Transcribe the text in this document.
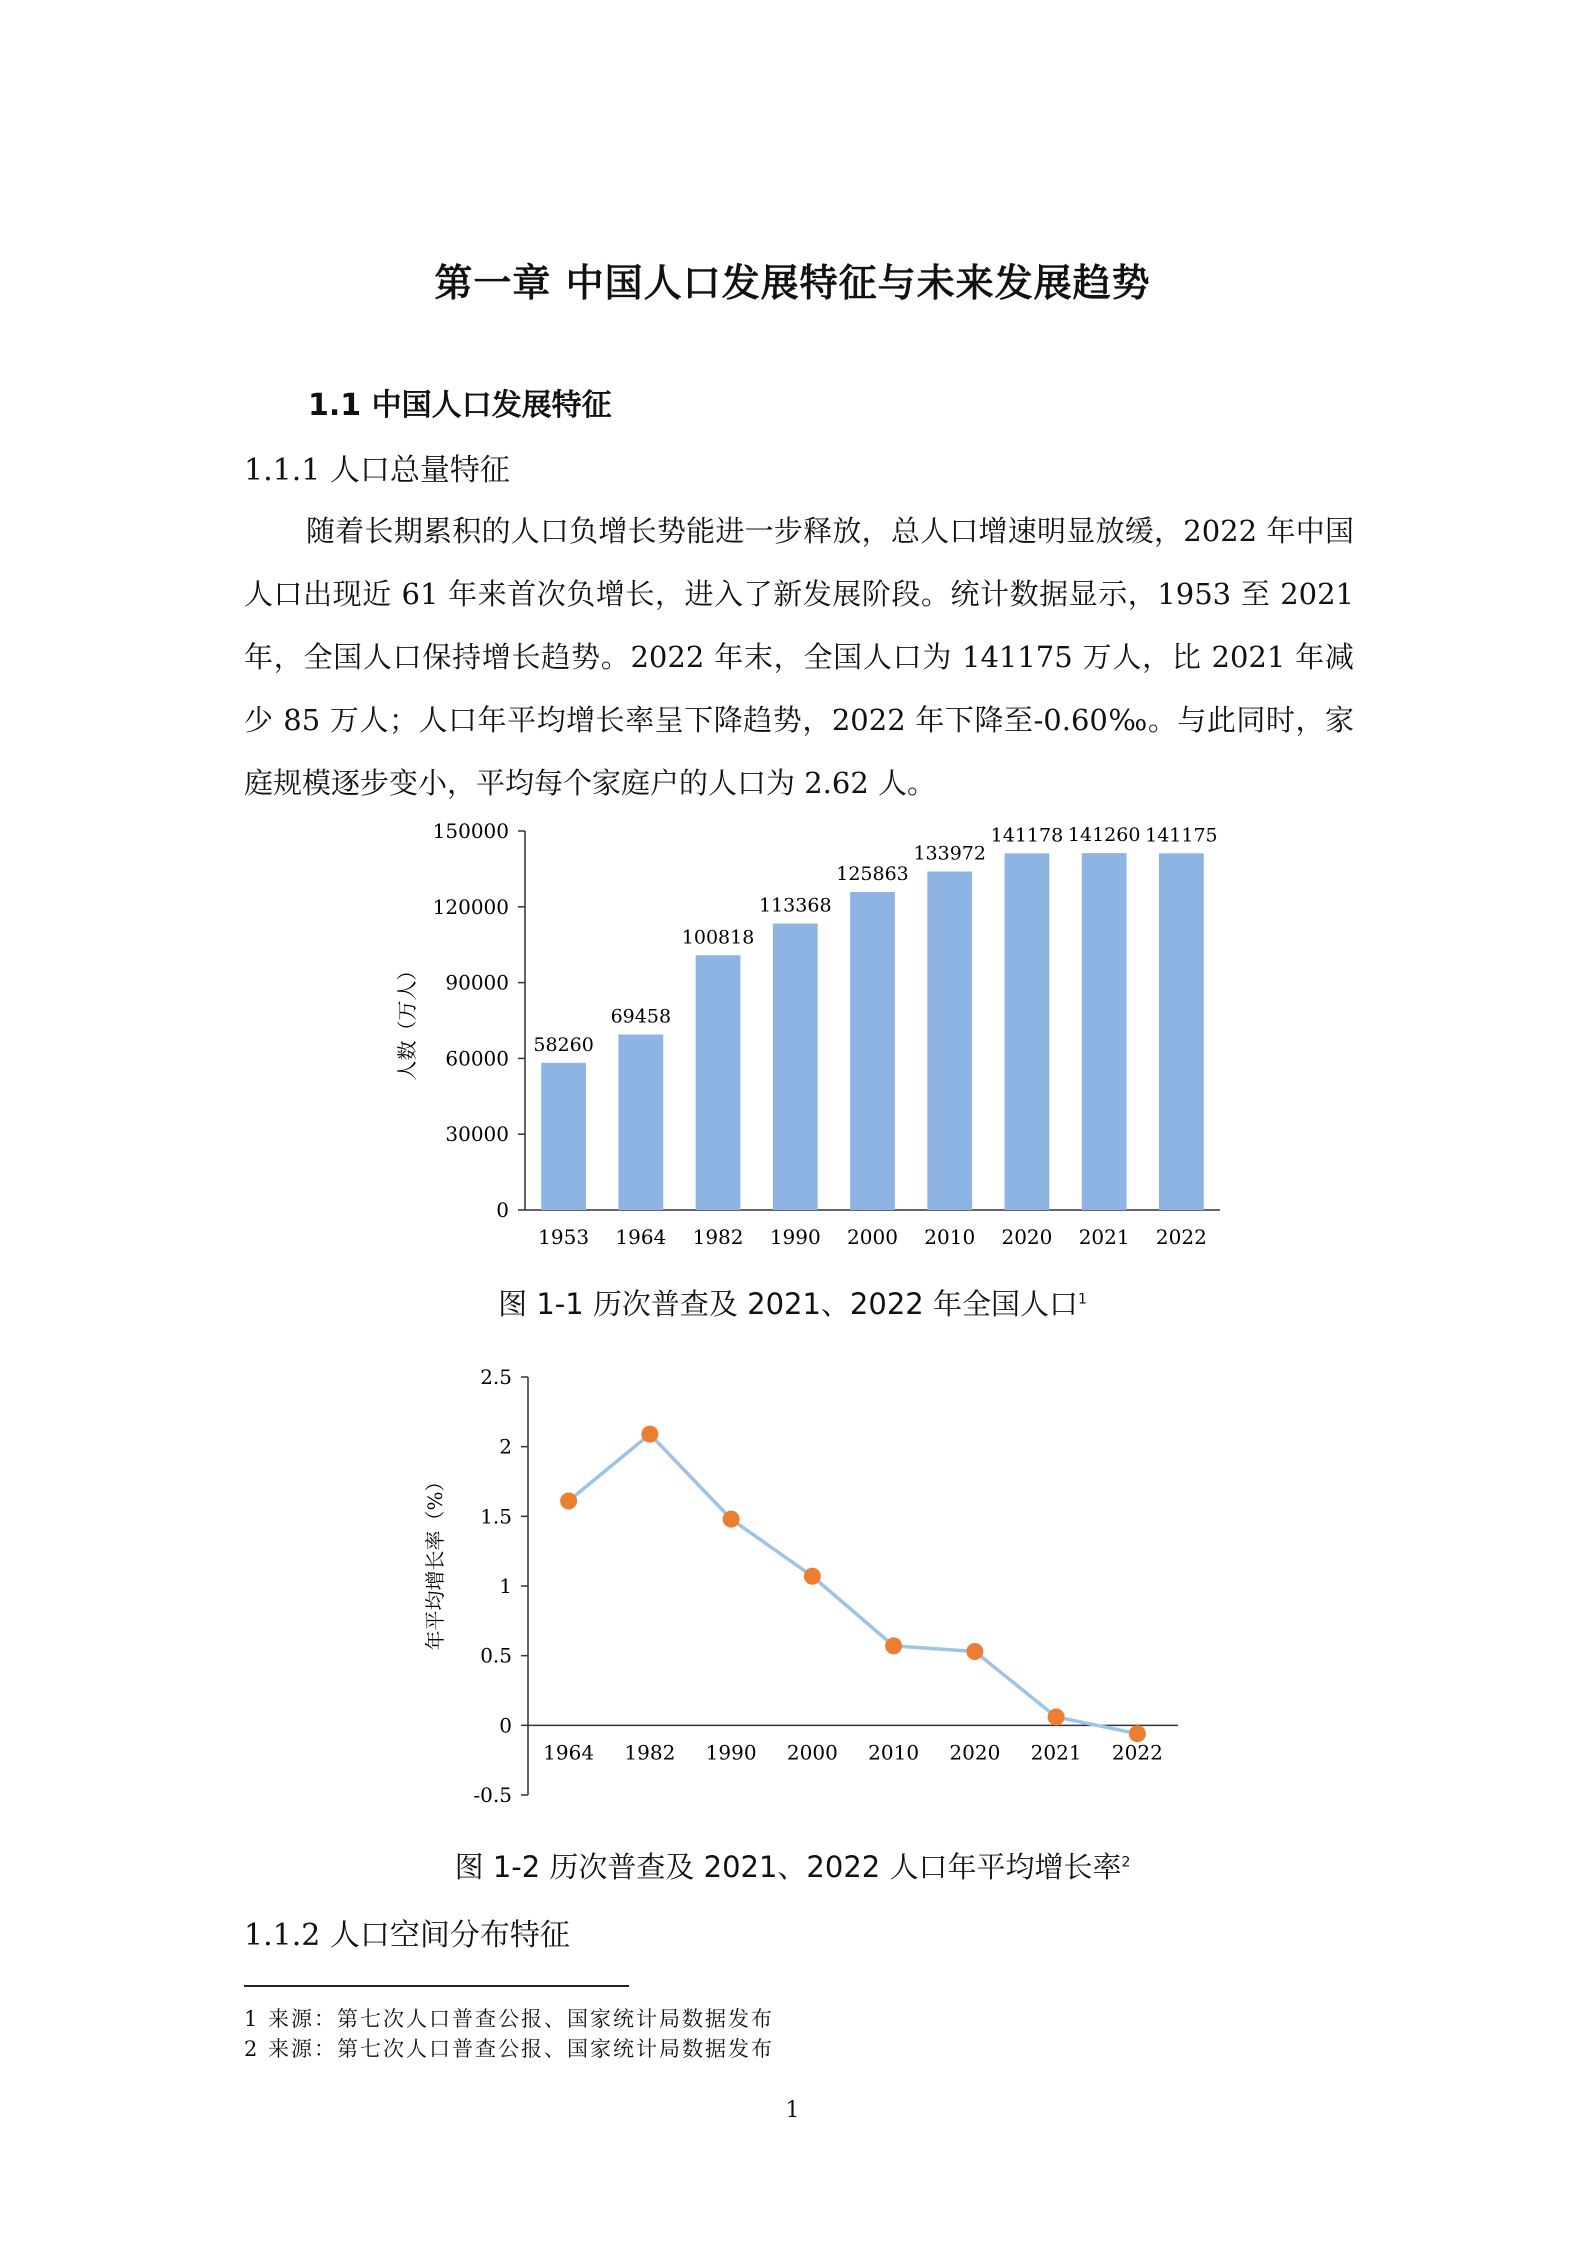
第一章 中国人口发展特征与未来发展趋势
1.1 中国人口发展特征
1.1.1 人口总量特征

随着长期累积的人口负增长势能进一步释放，总人口增速明显放缓，2022 年中国人口出现近 61 年来首次负增长，进入了新发展阶段。统计数据显示，1953 至 2021 年，全国人口保持增长趋势。2022 年末，全国人口为 141175 万人，比 2021 年减少 85 万人；人口年平均增长率呈下降趋势，2022 年下降至-0.60‰。与此同时，家庭规模逐步变小，平均每个家庭户的人口为 2.62 人。

0
30000
60000
90000
120000
150000
58260
1953
69458
1964
100818
1982
113368
1990
125863
2000
133972
2010
141178
2020
141260
2021
141175
2022
人数（万人）
图 1-1 历次普查及 2021、2022 年全国人口$^1$
-0.5
0
0.5
1
1.5
2
2.5
1964 1982 1990 2000 2010 2020 2021 2022
年平均增长率（%）
图 1-2 历次普查及 2021、2022 人口年平均增长率$^2$
1.1.2 人口空间分布特征
1 来源：第七次人口普查公报、国家统计局数据发布
2 来源：第七次人口普查公报、国家统计局数据发布
1
